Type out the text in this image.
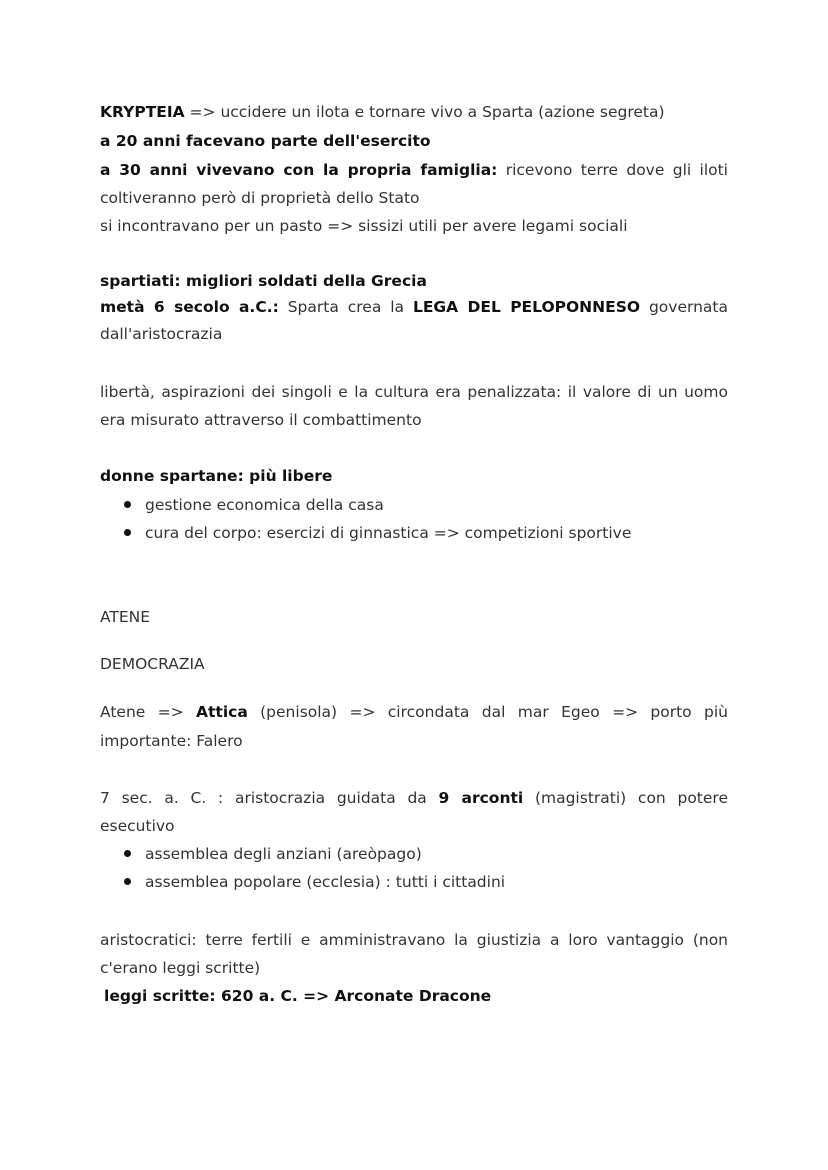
KRYPTEIA => uccidere un ilota e tornare vivo a Sparta (azione segreta)
a 20 anni facevano parte dell'esercito
a 30 anni vivevano con la propria famiglia: ricevono terre dove gli iloti
coltiveranno però di proprietà dello Stato
si incontravano per un pasto => sissizi utili per avere legami sociali
spartiati: migliori soldati della Grecia
metà 6 secolo a.C.: Sparta crea la LEGA DEL PELOPONNESO governata
dall'aristocrazia
libertà, aspirazioni dei singoli e la cultura era penalizzata: il valore di un uomo
era misurato attraverso il combattimento
donne spartane: più libere
gestione economica della casa
cura del corpo: esercizi di ginnastica => competizioni sportive
ATENE
DEMOCRAZIA
Atene => Attica (penisola) => circondata dal mar Egeo => porto più
importante: Falero
7 sec. a. C. : aristocrazia guidata da 9 arconti (magistrati) con potere
esecutivo
assemblea degli anziani (areòpago)
assemblea popolare (ecclesia) : tutti i cittadini
aristocratici: terre fertili e amministravano la giustizia a loro vantaggio (non
c'erano leggi scritte)
leggi scritte: 620 a. C. => Arconate Dracone
